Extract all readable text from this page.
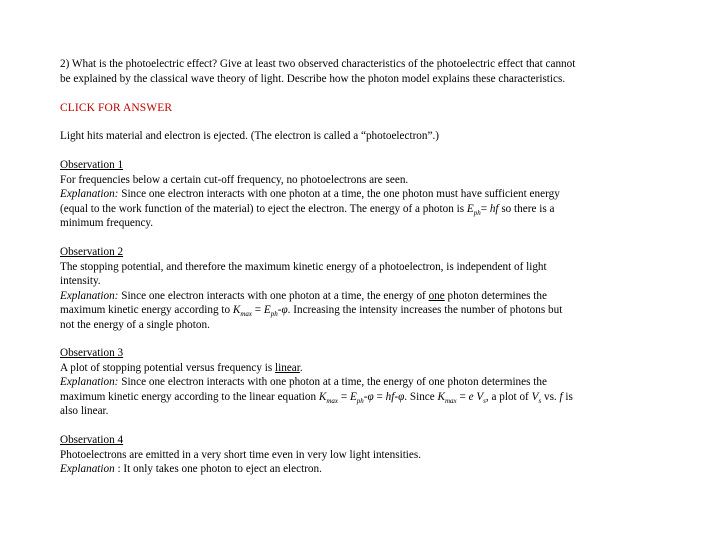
2) What is the photoelectric effect? Give at least two observed characteristics of the photoelectric effect that cannot
be explained by the classical wave theory of light. Describe how the photon model explains these characteristics.
CLICK FOR ANSWER
Light hits material and electron is ejected. (The electron is called a “photoelectron”.)
Observation 1
For frequencies below a certain cut-off frequency, no photoelectrons are seen.
Explanation: Since one electron interacts with one photon at a time, the one photon must have sufficient energy
(equal to the work function of the material) to eject the electron. The energy of a photon is $E_{ph}=$ hf so there is a
minimum frequency.
Observation 2
The stopping potential, and therefore the maximum kinetic energy of a photoelectron, is independent of light
intensity.
Explanation: Since one electron interacts with one photon at a time, the energy of one photon determines the
maximum kinetic energy according to $K_{max} = E_{ph}-\varphi$. Increasing the intensity increases the number of photons but
not the energy of a single photon.
Observation 3
A plot of stopping potential versus frequency is linear.
Explanation: Since one electron interacts with one photon at a time, the energy of one photon determines the
maximum kinetic energy according to the linear equation $K_{max} = E_{ph}-\varphi = hf-\varphi$. Since $K_{max} = e$ $V_s$, a plot of $V_s$ vs. f is
also linear.
Observation 4
Photoelectrons are emitted in a very short time even in very low light intensities.
Explanation : It only takes one photon to eject an electron.
